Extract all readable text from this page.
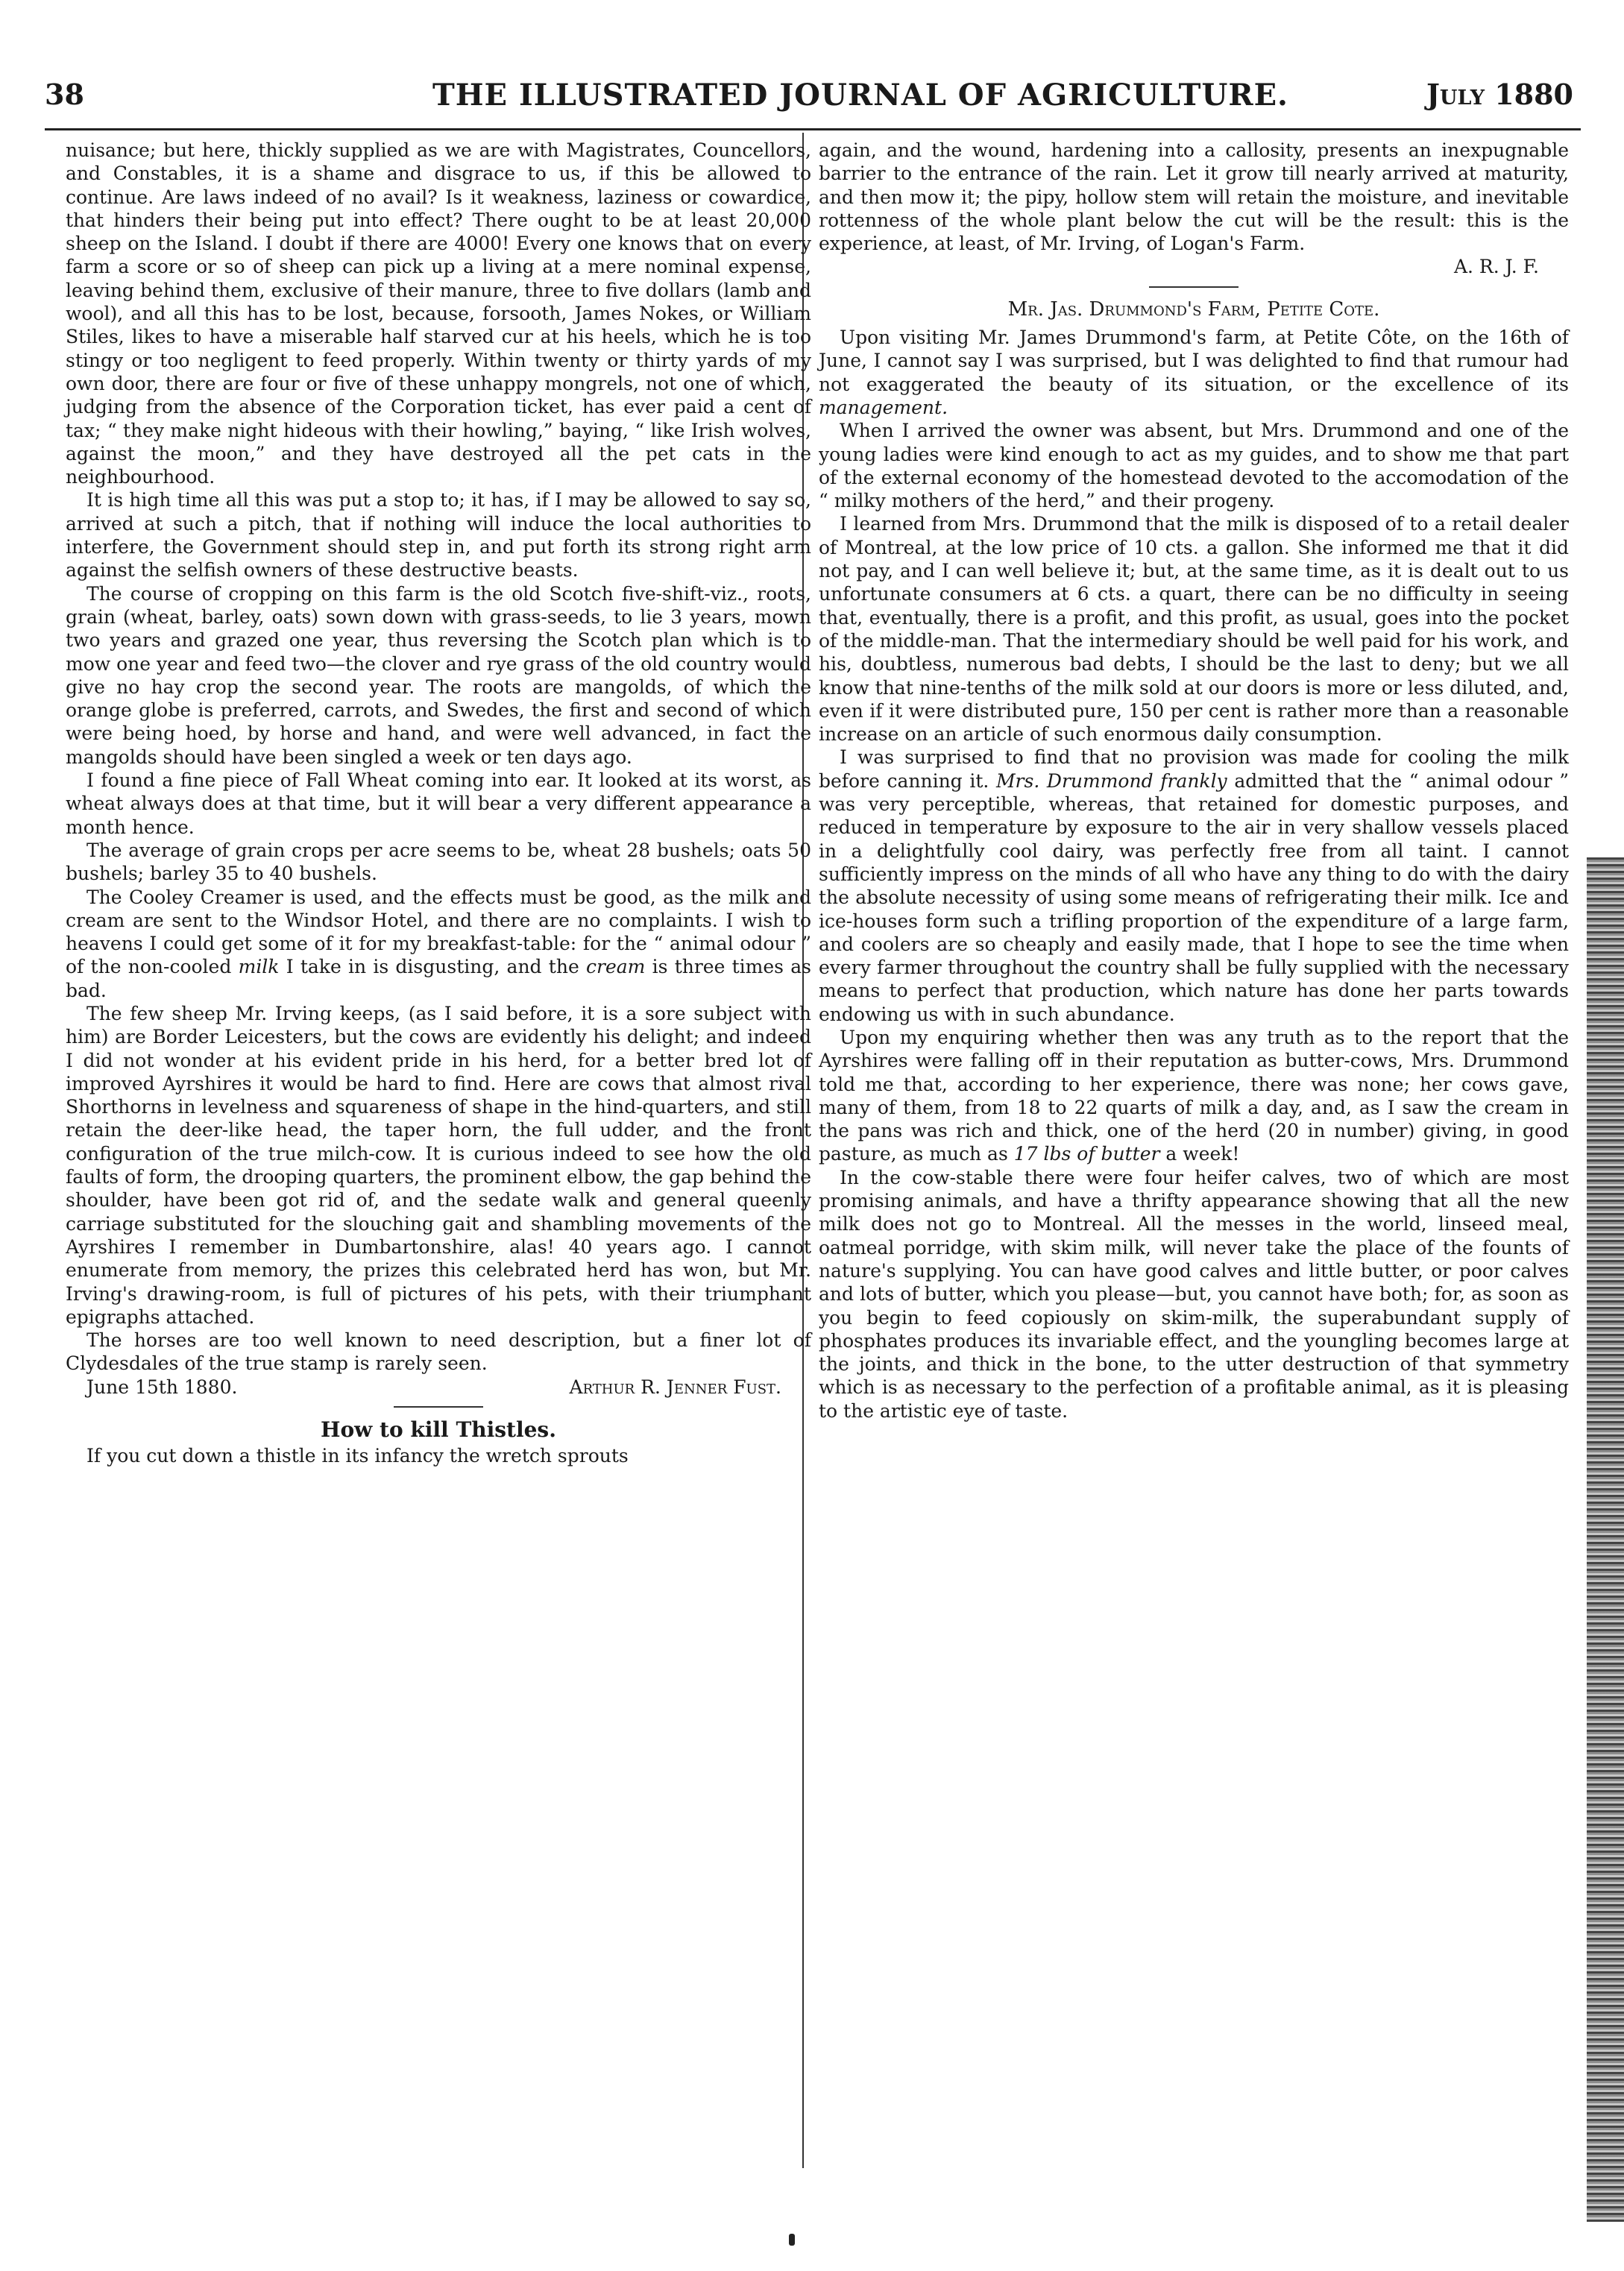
38	THE ILLUSTRATED JOURNAL OF AGRICULTURE.	July 1880

nuisance; but here, thickly supplied as we are with Magistrates, Councellors, and Constables, it is a shame and disgrace to us, if this be allowed to continue. Are laws indeed of no avail? Is it weakness, laziness or cowardice, that hinders their being put into effect? There ought to be at least 20,000 sheep on the Island. I doubt if there are 4000! Every one knows that on every farm a score or so of sheep can pick up a living at a mere nominal expense, leaving behind them, exclusive of their manure, three to five dollars (lamb and wool), and all this has to be lost, because, forsooth, James Nokes, or William Stiles, likes to have a miserable half starved cur at his heels, which he is too stingy or too negligent to feed properly. Within twenty or thirty yards of my own door, there are four or five of these unhappy mongrels, not one of which, judging from the absence of the Corporation ticket, has ever paid a cent of tax; “ they make night hideous with their howling,” baying, “ like Irish wolves, against the moon,” and they have destroyed all the pet cats in the neighbourhood.

It is high time all this was put a stop to; it has, if I may be allowed to say so, arrived at such a pitch, that if nothing will induce the local authorities to interfere, the Government should step in, and put forth its strong right arm against the selfish owners of these destructive beasts.

The course of cropping on this farm is the old Scotch five-shift-viz., roots, grain (wheat, barley, oats) sown down with grass-seeds, to lie 3 years, mown two years and grazed one year, thus reversing the Scotch plan which is to mow one year and feed two—the clover and rye grass of the old country would give no hay crop the second year. The roots are mangolds, of which the orange globe is preferred, carrots, and Swedes, the first and second of which were being hoed, by horse and hand, and were well advanced, in fact the mangolds should have been singled a week or ten days ago.

I found a fine piece of Fall Wheat coming into ear. It looked at its worst, as wheat always does at that time, but it will bear a very different appearance a month hence.

The average of grain crops per acre seems to be, wheat 28 bushels; oats 50 bushels; barley 35 to 40 bushels.

The Cooley Creamer is used, and the effects must be good, as the milk and cream are sent to the Windsor Hotel, and there are no complaints. I wish to heavens I could get some of it for my breakfast-table: for the “ animal odour ” of the non-cooled milk I take in is disgusting, and the cream is three times as bad.

The few sheep Mr. Irving keeps, (as I said before, it is a sore subject with him) are Border Leicesters, but the cows are evidently his delight; and indeed I did not wonder at his evident pride in his herd, for a better bred lot of improved Ayrshires it would be hard to find. Here are cows that almost rival Shorthorns in levelness and squareness of shape in the hind-quarters, and still retain the deer-like head, the taper horn, the full udder, and the front configuration of the true milch-cow. It is curious indeed to see how the old faults of form, the drooping quarters, the prominent elbow, the gap behind the shoulder, have been got rid of, and the sedate walk and general queenly carriage substituted for the slouching gait and shambling movements of the Ayrshires I remember in Dumbartonshire, alas! 40 years ago. I cannot enumerate from memory, the prizes this celebrated herd has won, but Mr. Irving's drawing-room, is full of pictures of his pets, with their triumphant epigraphs attached.

The horses are too well known to need description, but a finer lot of Clydesdales of the true stamp is rarely seen.

June 15th 1880.	Arthur R. Jenner Fust.
How to kill Thistles.

If you cut down a thistle in its infancy the wretch sprouts

again, and the wound, hardening into a callosity, presents an inexpugnable barrier to the entrance of the rain. Let it grow till nearly arrived at maturity, and then mow it; the pipy, hollow stem will retain the moisture, and inevitable rottenness of the whole plant below the cut will be the result: this is the experience, at least, of Mr. Irving, of Logan's Farm.

A. R. J. F.
Mr. Jas. Drummond's Farm, Petite Cote.

Upon visiting Mr. James Drummond's farm, at Petite Côte, on the 16th of June, I cannot say I was surprised, but I was delighted to find that rumour had not exaggerated the beauty of its situation, or the excellence of its management.

When I arrived the owner was absent, but Mrs. Drummond and one of the young ladies were kind enough to act as my guides, and to show me that part of the external economy of the homestead devoted to the accomodation of the “ milky mothers of the herd,” and their progeny.

I learned from Mrs. Drummond that the milk is disposed of to a retail dealer of Montreal, at the low price of 10 cts. a gallon. She informed me that it did not pay, and I can well believe it; but, at the same time, as it is dealt out to us unfortunate consumers at 6 cts. a quart, there can be no difficulty in seeing that, eventually, there is a profit, and this profit, as usual, goes into the pocket of the middle-man. That the intermediary should be well paid for his work, and his, doubtless, numerous bad debts, I should be the last to deny; but we all know that nine-tenths of the milk sold at our doors is more or less diluted, and, even if it were distributed pure, 150 per cent is rather more than a reasonable increase on an article of such enormous daily consumption.

I was surprised to find that no provision was made for cooling the milk before canning it. Mrs. Drummond frankly admitted that the “ animal odour ” was very perceptible, whereas, that retained for domestic purposes, and reduced in temperature by exposure to the air in very shallow vessels placed in a delightfully cool dairy, was perfectly free from all taint. I cannot sufficiently impress on the minds of all who have any thing to do with the dairy the absolute necessity of using some means of refrigerating their milk. Ice and ice-houses form such a trifling proportion of the expenditure of a large farm, and coolers are so cheaply and easily made, that I hope to see the time when every farmer throughout the country shall be fully supplied with the necessary means to perfect that production, which nature has done her parts towards endowing us with in such abundance.

Upon my enquiring whether then was any truth as to the report that the Ayrshires were falling off in their reputation as butter-cows, Mrs. Drummond told me that, according to her experience, there was none; her cows gave, many of them, from 18 to 22 quarts of milk a day, and, as I saw the cream in the pans was rich and thick, one of the herd (20 in number) giving, in good pasture, as much as 17 lbs of butter a week!

In the cow-stable there were four heifer calves, two of which are most promising animals, and have a thrifty appearance showing that all the new milk does not go to Montreal. All the messes in the world, linseed meal, oatmeal porridge, with skim milk, will never take the place of the founts of nature's supplying. You can have good calves and little butter, or poor calves and lots of butter, which you please—but, you cannot have both; for, as soon as you begin to feed copiously on skim-milk, the superabundant supply of phosphates produces its invariable effect, and the youngling becomes large at the joints, and thick in the bone, to the utter destruction of that symmetry which is as necessary to the perfection of a profitable animal, as it is pleasing to the artistic eye of taste.
